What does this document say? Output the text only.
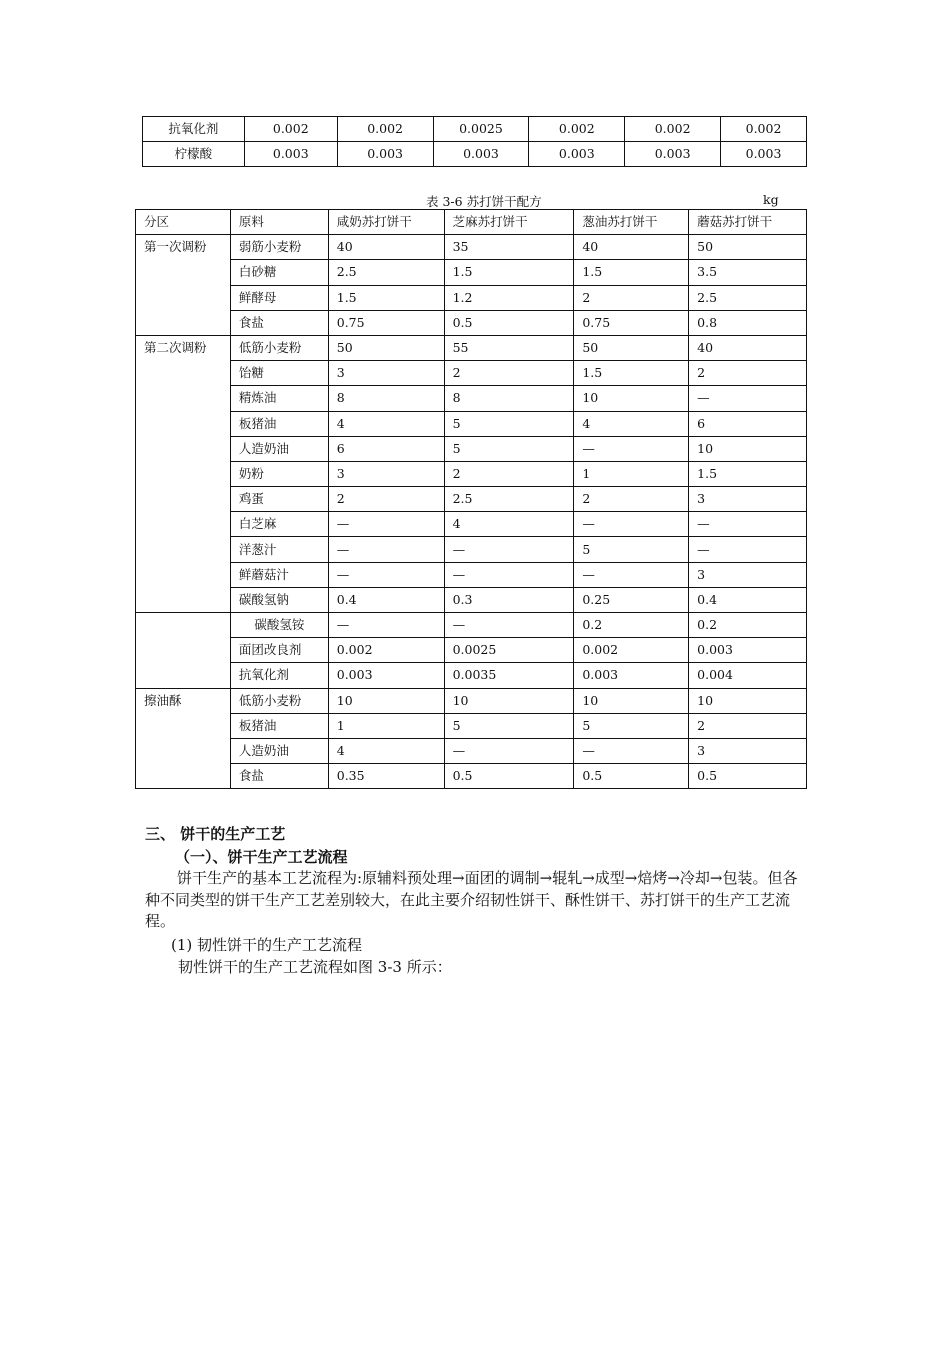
抗氧化剂	0.002	0.002	0.0025	0.002	0.002	0.002
柠檬酸	0.003	0.003	0.003	0.003	0.003	0.003
表 3-6 苏打饼干配方	kg
分区	原料	咸奶苏打饼干	芝麻苏打饼干	葱油苏打饼干	蘑菇苏打饼干
第一次调粉	弱筋小麦粉	40	35	40	50
	白砂糖	2.5	1.5	1.5	3.5
	鲜酵母	1.5	1.2	2	2.5
	食盐	0.75	0.5	0.75	0.8
第二次调粉	低筋小麦粉	50	55	50	40
	饴糖	3	2	1.5	2
	精炼油	8	8	10	—
	板猪油	4	5	4	6
	人造奶油	6	5	—	10
	奶粉	3	2	1	1.5
	鸡蛋	2	2.5	2	3
	白芝麻	—	4	—	—
	洋葱汁	—	—	5	—
	鲜蘑菇汁	—	—	—	3
	碳酸氢钠	0.4	0.3	0.25	0.4
	碳酸氢铵	—	—	0.2	0.2
	面团改良剂	0.002	0.0025	0.002	0.003
	抗氧化剂	0.003	0.0035	0.003	0.004
擦油酥	低筋小麦粉	10	10	10	10
	板猪油	1	5	5	2
	人造奶油	4	—	—	3
	食盐	0.35	0.5	0.5	0.5
三、 饼干的生产工艺
（一）、饼干生产工艺流程

饼干生产的基本工艺流程为:原辅料预处理→面团的调制→辊轧→成型→焙烤→冷却→包装。但各种不同类型的饼干生产工艺差别较大，在此主要介绍韧性饼干、酥性饼干、苏打饼干的生产工艺流程。

(1) 韧性饼干的生产工艺流程
韧性饼干的生产工艺流程如图 3-3 所示：
